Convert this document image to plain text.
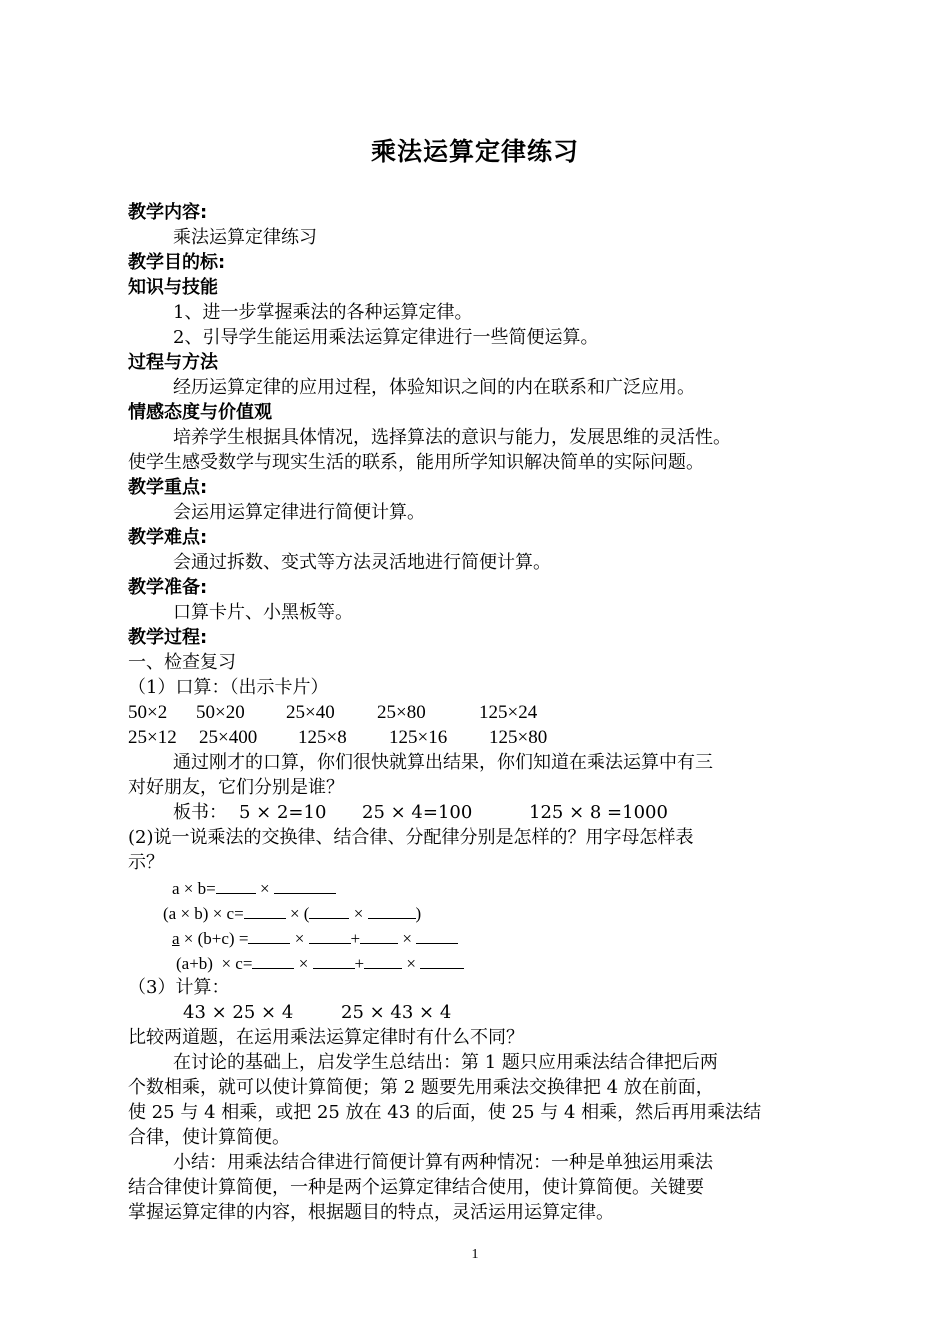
乘法运算定律练习
教学内容:
乘法运算定律练习
教学目的标:
知识与技能
1、进一步掌握乘法的各种运算定律。
2、引导学生能运用乘法运算定律进行一些简便运算。
过程与方法
经历运算定律的应用过程，体验知识之间的内在联系和广泛应用。
情感态度与价值观
培养学生根据具体情况，选择算法的意识与能力，发展思维的灵活性。
使学生感受数学与现实生活的联系，能用所学知识解决简单的实际问题。
教学重点:
会运用运算定律进行简便计算。
教学难点:
会通过拆数、变式等方法灵活地进行简便计算。
教学准备:
口算卡片、小黑板等。
教学过程:
一、检查复习
（1）口算：（出示卡片）
50×2 50×20 25×40 25×80	125×24
25×12 25×400 125×8 125×16 125×80
通过刚才的口算，你们很快就算出结果，你们知道在乘法运算中有三
对好朋友，它们分别是谁？
板书： 5 × 2=10 25 × 4=100	125 × 8 =1000
(2)说一说乘法的交换律、结合律、分配律分别是怎样的？用字母怎样表
示？
a × b=	×
(a × b) × c=	× (	×	)
a × (b+c) =	×	+ ×
(a+b)  × c=	×	+ ×
（3）计算：
43 × 25 × 4	25 × 43 × 4
比较两道题，在运用乘法运算定律时有什么不同？
在讨论的基础上，启发学生总结出：第 1 题只应用乘法结合律把后两
个数相乘，就可以使计算简便；第 2 题要先用乘法交换律把 4 放在前面，
使 25 与 4 相乘，或把 25 放在 43 的后面，使 25 与 4 相乘，然后再用乘法结
合律，使计算简便。
小结：用乘法结合律进行简便计算有两种情况：一种是单独运用乘法
结合律使计算简便，一种是两个运算定律结合使用，使计算简便。关键要
掌握运算定律的内容，根据题目的特点，灵活运用运算定律。
1
